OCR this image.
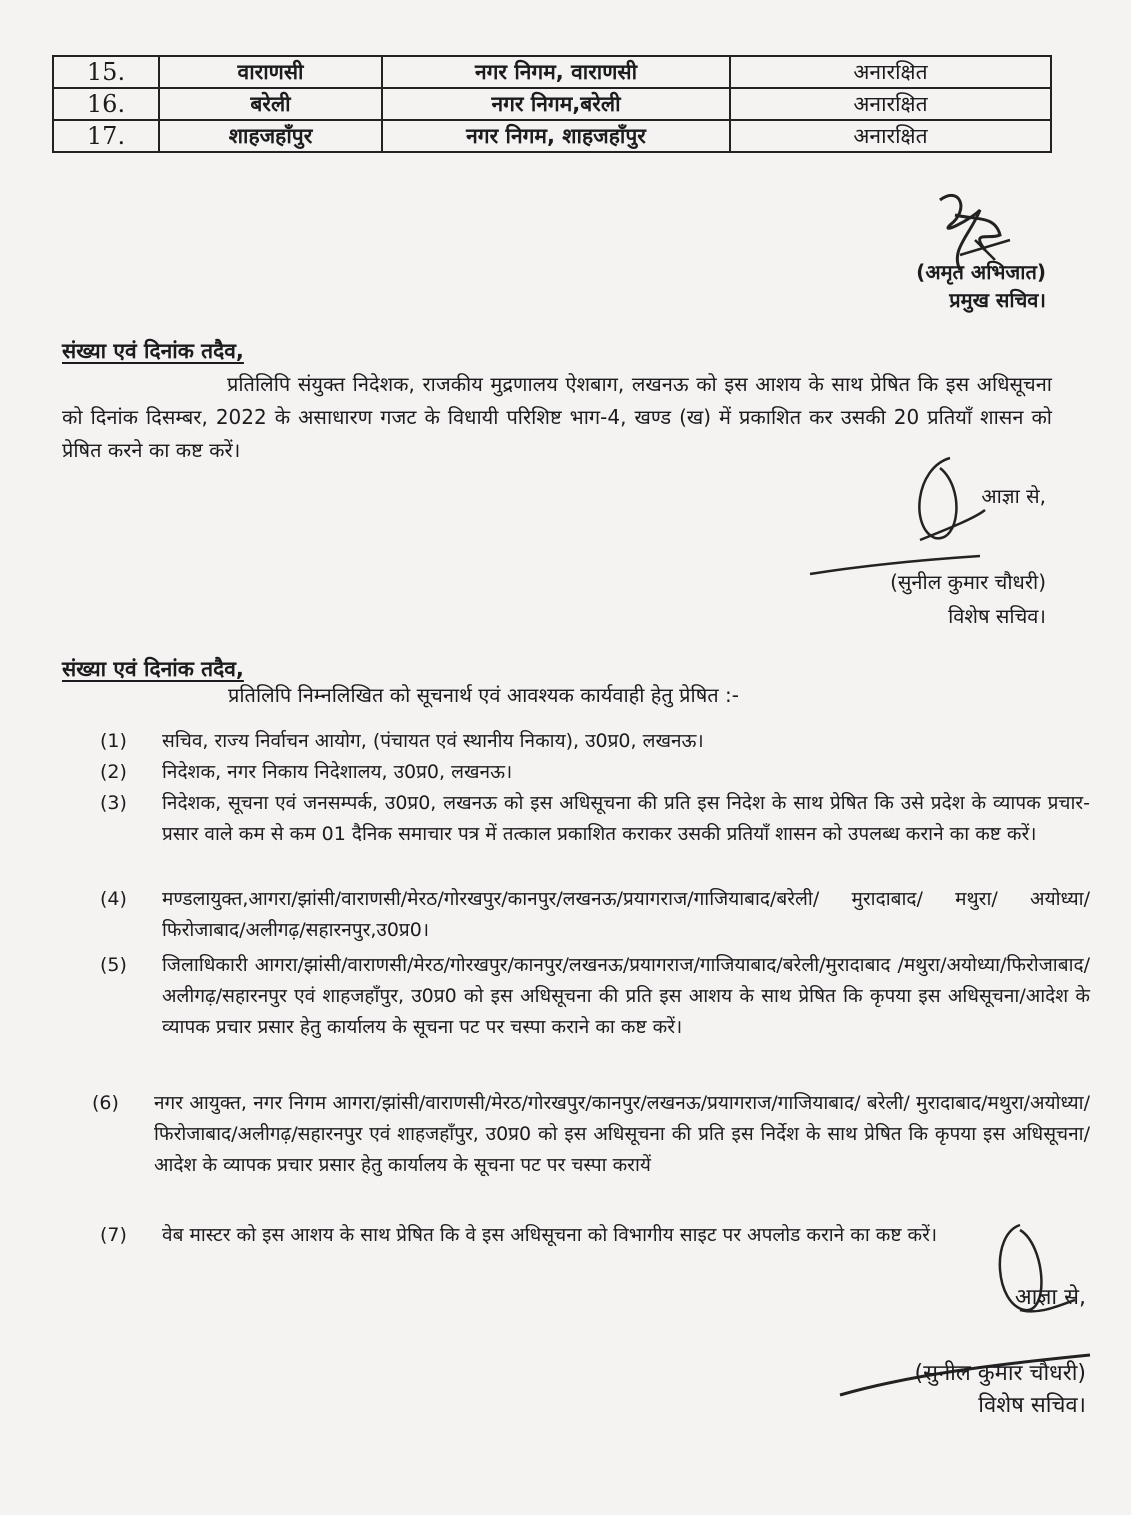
15.	वाराणसी	नगर निगम, वाराणसी	अनारक्षित
16.	बरेली	नगर निगम,बरेली	अनारक्षित
17.	शाहजहाँपुर	नगर निगम, शाहजहाँपुर	अनारक्षित
(अमृत अभिजात)
प्रमुख सचिव।
संख्या एवं दिनांक तदैव,
प्रतिलिपि संयुक्त निदेशक, राजकीय मुद्रणालय ऐशबाग, लखनऊ को इस आशय के साथ प्रेषित कि इस अधिसूचना को दिनांक दिसम्बर, 2022 के असाधारण गजट के विधायी परिशिष्ट भाग-4, खण्ड (ख) में प्रकाशित कर उसकी 20 प्रतियाँ शासन को प्रेषित करने का कष्ट करें।
आज्ञा से,
(सुनील कुमार चौधरी)
विशेष सचिव।
संख्या एवं दिनांक तदैव,
प्रतिलिपि निम्नलिखित को सूचनार्थ एवं आवश्यक कार्यवाही हेतु प्रेषित :-
(1)	सचिव, राज्य निर्वाचन आयोग, (पंचायत एवं स्थानीय निकाय), उ0प्र0, लखनऊ।
(2)	निदेशक, नगर निकाय निदेशालय, उ0प्र0, लखनऊ।
(3)	निदेशक, सूचना एवं जनसम्पर्क, उ0प्र0, लखनऊ को इस अधिसूचना की प्रति इस निदेश के साथ प्रेषित कि उसे प्रदेश के व्यापक प्रचार-प्रसार वाले कम से कम 01 दैनिक समाचार पत्र में तत्काल प्रकाशित कराकर उसकी प्रतियाँ शासन को उपलब्ध कराने का कष्ट करें।
(4)	मण्डलायुक्त,आगरा/झांसी/वाराणसी/मेरठ/गोरखपुर/कानपुर/लखनऊ/प्रयागराज/गाजियाबाद/बरेली/ मुरादाबाद/ मथुरा/ अयोध्या/फिरोजाबाद/अलीगढ़/सहारनपुर,उ0प्र0।
(5)	जिलाधिकारी आगरा/झांसी/वाराणसी/मेरठ/गोरखपुर/कानपुर/लखनऊ/प्रयागराज/गाजियाबाद/बरेली/मुरादाबाद /मथुरा/अयोध्या/फिरोजाबाद/अलीगढ़/सहारनपुर एवं शाहजहाँपुर, उ0प्र0 को इस अधिसूचना की प्रति इस आशय के साथ प्रेषित कि कृपया इस अधिसूचना/आदेश के व्यापक प्रचार प्रसार हेतु कार्यालय के सूचना पट पर चस्पा कराने का कष्ट करें।
(6)	नगर आयुक्त, नगर निगम आगरा/झांसी/वाराणसी/मेरठ/गोरखपुर/कानपुर/लखनऊ/प्रयागराज/गाजियाबाद/ बरेली/ मुरादाबाद/मथुरा/अयोध्या/फिरोजाबाद/अलीगढ़/सहारनपुर एवं शाहजहाँपुर, उ0प्र0 को इस अधिसूचना की प्रति इस निर्देश के साथ प्रेषित कि कृपया इस अधिसूचना/आदेश के व्यापक प्रचार प्रसार हेतु कार्यालय के सूचना पट पर चस्पा करायें
(7)	वेब मास्टर को इस आशय के साथ प्रेषित कि वे इस अधिसूचना को विभागीय साइट पर अपलोड कराने का कष्ट करें।
आज्ञा से,
(सुनील कुमार चौधरी)
विशेष सचिव।
